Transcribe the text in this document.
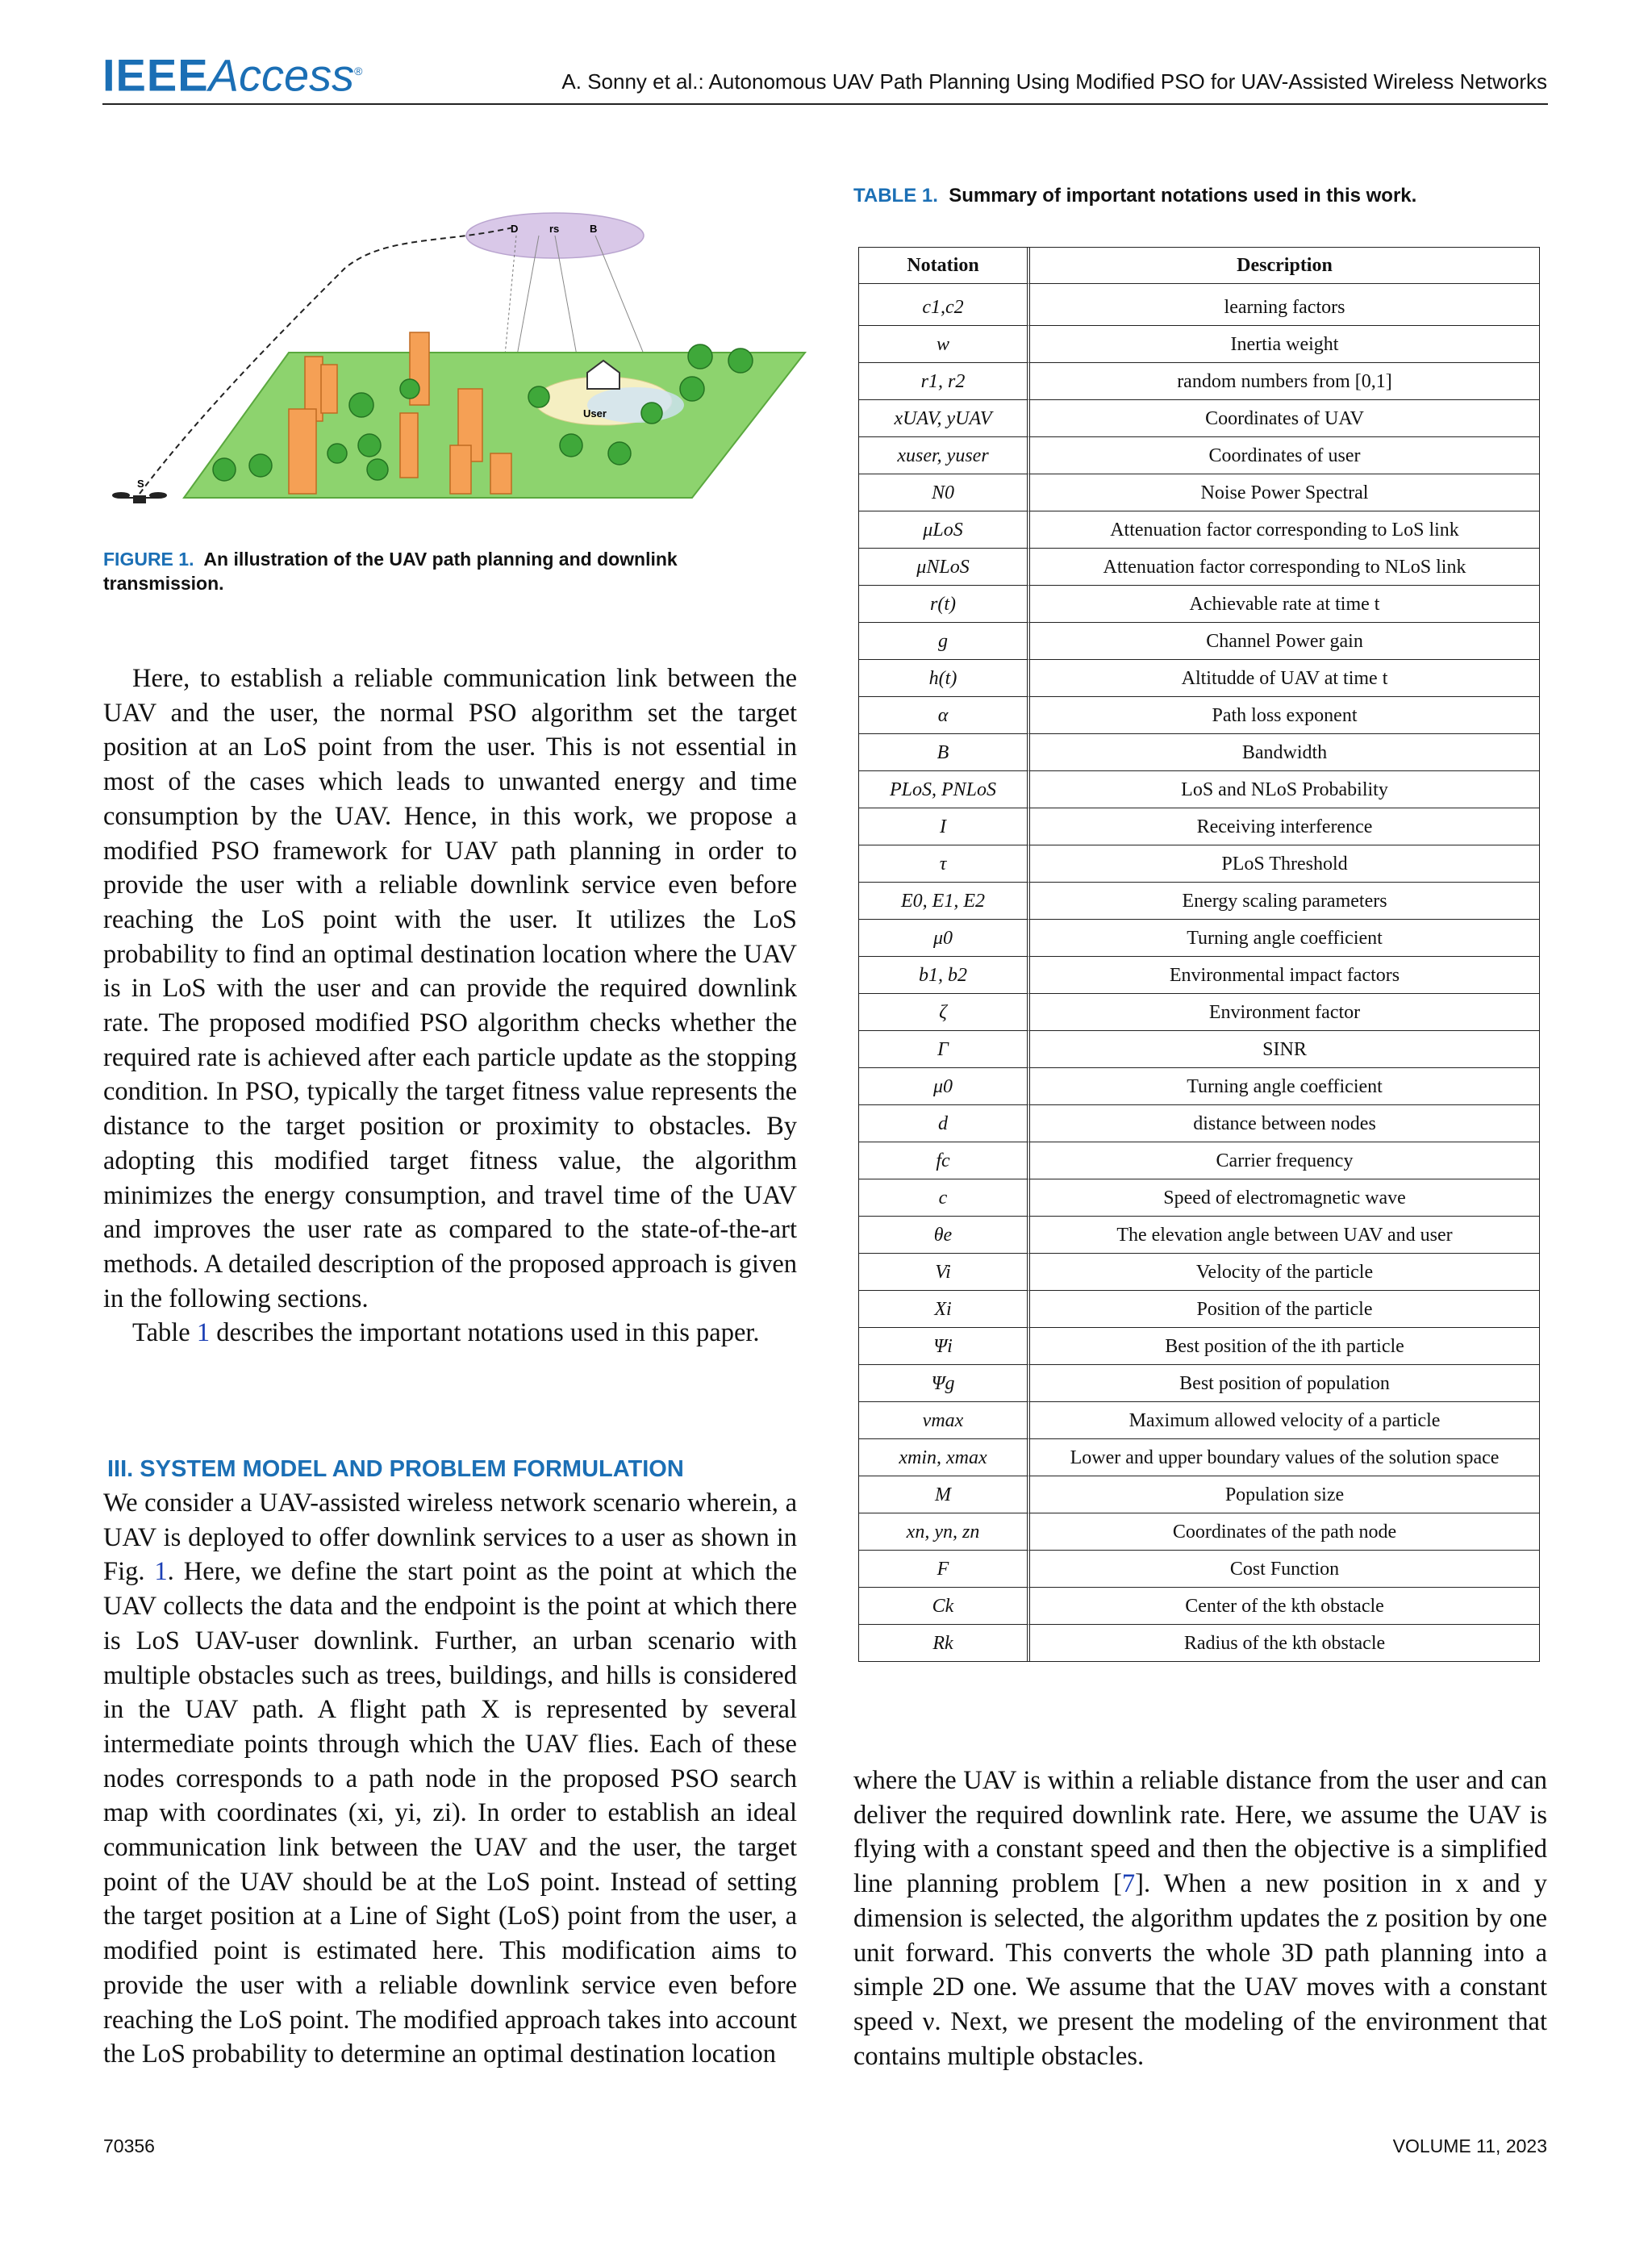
IEEEAccess®	A. Sonny et al.: Autonomous UAV Path Planning Using Modified PSO for UAV-Assisted Wireless Networks
D	rs	B
User
S
FIGURE 1. An illustration of the UAV path planning and downlink transmission.
TABLE 1. Summary of important notations used in this work.
Notation	Description

c1,c2	learning factors
w	Inertia weight
r1, r2	random numbers from [0,1]
xUAV, yUAV	Coordinates of UAV
xuser, yuser	Coordinates of user
N0	Noise Power Spectral
μLoS	Attenuation factor corresponding to LoS link
μNLoS	Attenuation factor corresponding to NLoS link
r(t)	Achievable rate at time t
g	Channel Power gain
h(t)	Altitudde of UAV at time t
α	Path loss exponent
B	Bandwidth
PLoS, PNLoS	LoS and NLoS Probability
I	Receiving interference
τ	PLoS Threshold
E0, E1, E2	Energy scaling parameters
μ0	Turning angle coefficient
b1, b2	Environmental impact factors
ζ	Environment factor
Γ	SINR
μ0	Turning angle coefficient
d	distance between nodes
fc	Carrier frequency
c	Speed of electromagnetic wave
θe	The elevation angle between UAV and user
Vi	Velocity of the particle
Xi	Position of the particle
Ψi	Best position of the ith particle
Ψg	Best position of population
vmax	Maximum allowed velocity of a particle
xmin, xmax	Lower and upper boundary values of the solution space
M	Population size
xn, yn, zn	Coordinates of the path node
F	Cost Function
Ck	Center of the kth obstacle
Rk	Radius of the kth obstacle

Here, to establish a reliable communication link between the UAV and the user, the normal PSO algorithm set the target position at an LoS point from the user. This is not essential in most of the cases which leads to unwanted energy and time consumption by the UAV. Hence, in this work, we propose a modified PSO framework for UAV path planning in order to provide the user with a reliable downlink service even before reaching the LoS point with the user. It utilizes the LoS probability to find an optimal destination location where the UAV is in LoS with the user and can provide the required downlink rate. The proposed modified PSO algorithm checks whether the required rate is achieved after each particle update as the stopping condition. In PSO, typically the target fitness value represents the distance to the target position or proximity to obstacles. By adopting this modified target fitness value, the algorithm minimizes the energy consumption, and travel time of the UAV and improves the user rate as compared to the state-of-the-art methods. A detailed description of the proposed approach is given in the following sections.

Table 1 describes the important notations used in this paper.

III. SYSTEM MODEL AND PROBLEM FORMULATION

We consider a UAV-assisted wireless network scenario wherein, a UAV is deployed to offer downlink services to a user as shown in Fig. 1. Here, we define the start point as the point at which the UAV collects the data and the endpoint is the point at which there is LoS UAV-user downlink. Further, an urban scenario with multiple obstacles such as trees, buildings, and hills is considered in the UAV path. A flight path X is represented by several intermediate points through which the UAV flies. Each of these nodes corresponds to a path node in the proposed PSO search map with coordinates (xi, yi, zi). In order to establish an ideal communication link between the UAV and the user, the target point of the UAV should be at the LoS point. Instead of setting the target position at a Line of Sight (LoS) point from the user, a modified point is estimated here. This modification aims to provide the user with a reliable downlink service even before reaching the LoS point. The modified approach takes into account the LoS probability to determine an optimal destination location

where the UAV is within a reliable distance from the user and can deliver the required downlink rate. Here, we assume the UAV is flying with a constant speed and then the objective is a simplified line planning problem [7]. When a new position in x and y dimension is selected, the algorithm updates the z position by one unit forward. This converts the whole 3D path planning into a simple 2D one. We assume that the UAV moves with a constant speed ν. Next, we present the modeling of the environment that contains multiple obstacles.

70356	VOLUME 11, 2023
